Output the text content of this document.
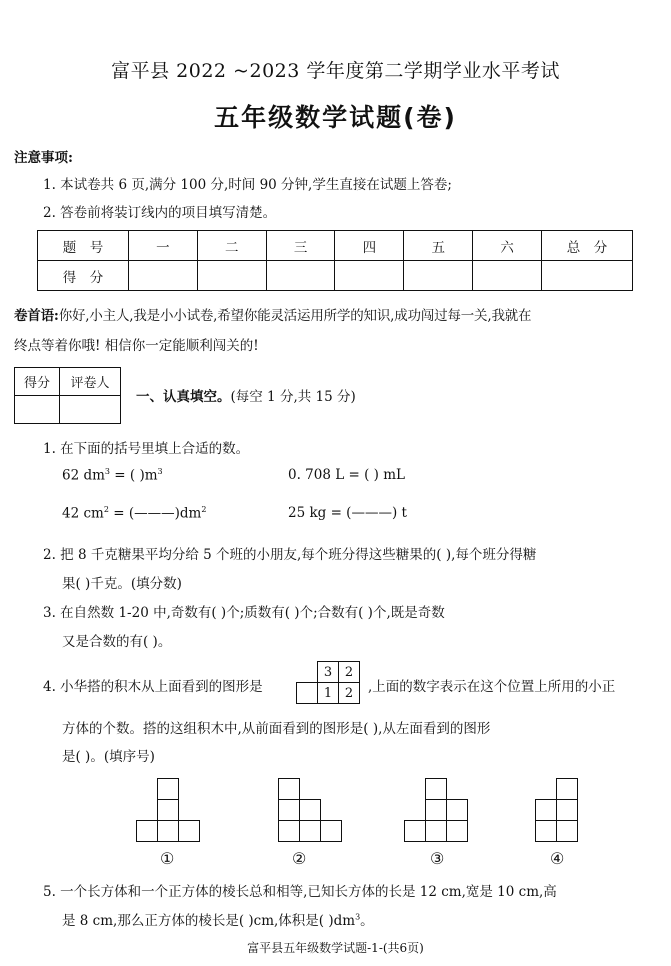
富平县 2022 ~2023 学年度第二学期学业水平考试
五年级数学试题(卷)
注意事项:
1. 本试卷共 6 页,满分 100 分,时间 90 分钟,学生直接在试题上答卷;
2. 答卷前将装订线内的项目填写清楚。
题　号	一	二	三	四	五	六	总　分
得　分							
卷首语:你好,小主人,我是小小试卷,希望你能灵活运用所学的知识,成功闯过每一关,我就在
终点等着你哦! 相信你一定能顺利闯关的!
得分	评卷人

一、认真填空。(每空 1 分,共 15 分)
1. 在下面的括号里填上合适的数。
62 $dm^3$ = ( )$m^3$	0. 708 L = ( ) mL
42 $cm^2$ = $(———)dm^2$	25 kg = (———) t
2. 把 8 千克糖果平均分给 5 个班的小朋友,每个班分得这些糖果的( ),每个班分得糖
果( )千克。(填分数)
3. 在自然数 1-20 中,奇数有( )个;质数有( )个;合数有( )个,既是奇数
又是合数的有( )。
4. 小华搭的积木从上面看到的图形是
3 2
1 2	,上面的数字表示在这个位置上所用的小正
方体的个数。搭的这组积木中,从前面看到的图形是( ),从左面看到的图形
是( )。(填序号)
①	②	③	④
5. 一个长方体和一个正方体的棱长总和相等,已知长方体的长是 12 cm,宽是 10 cm,高
是 8 cm,那么正方体的棱长是( )cm,体积是( )$dm^3$。
富平县五年级数学试题-1-(共6页)
